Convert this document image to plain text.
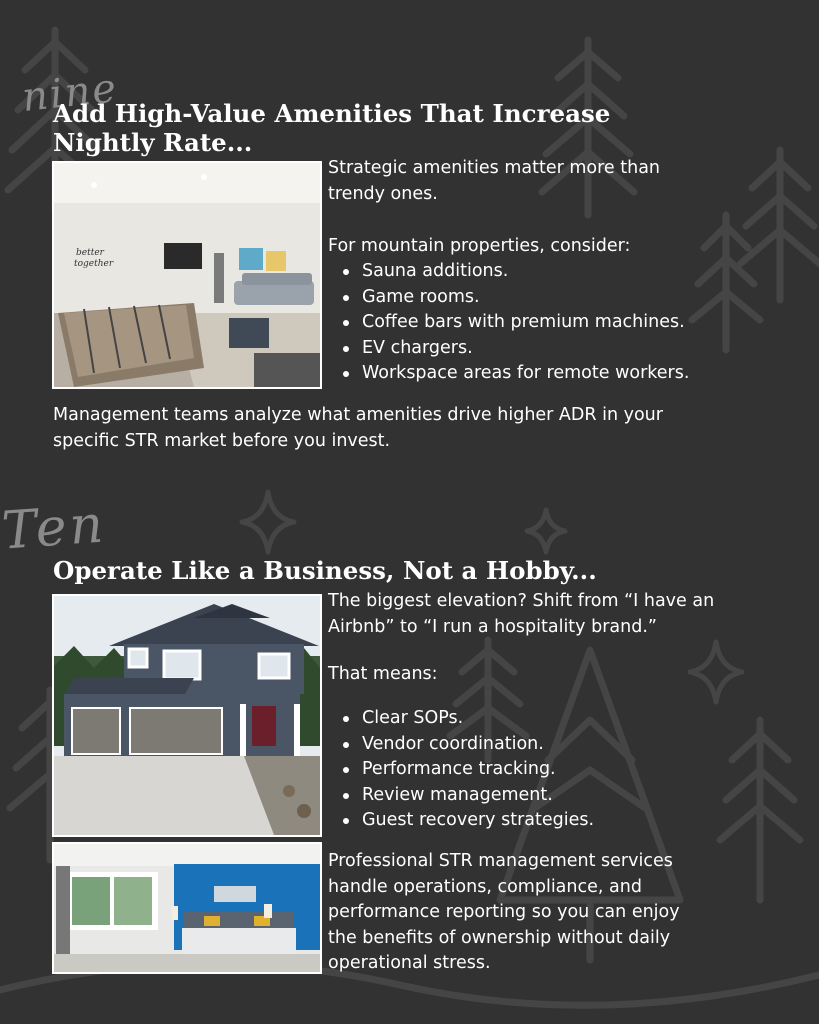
nine
Add High-Value Amenities That Increase
Nightly Rate...
better
together

Strategic amenities matter more than
trendy ones.

For mountain properties, consider:

Sauna additions.
Game rooms.
Coffee bars with premium machines.
EV chargers.
Workspace areas for remote workers.

Management teams analyze what amenities drive higher ADR in your
specific STR market before you invest.

Ten
Operate Like a Business, Not a Hobby...

The biggest elevation? Shift from “I have an
Airbnb” to “I run a hospitality brand.”

That means:

Clear SOPs.
Vendor coordination.
Performance tracking.
Review management.
Guest recovery strategies.

Professional STR management services
handle operations, compliance, and
performance reporting so you can enjoy
the benefits of ownership without daily
operational stress.
